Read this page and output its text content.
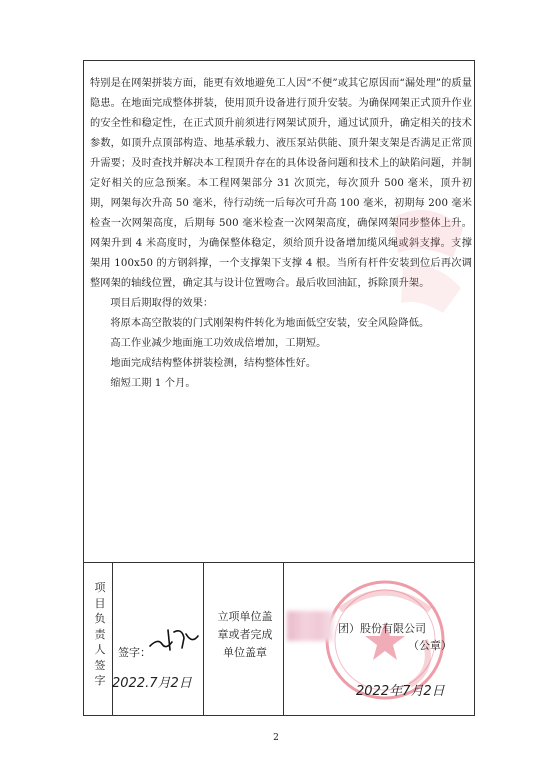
特别是在网架拼装方面，能更有效地避免工人因“不便”或其它原因而“漏处理”的质量隐患。在地面完成整体拼装，使用顶升设备进行顶升安装。为确保网架正式顶升作业的安全性和稳定性，在正式顶升前须进行网架试顶升，通过试顶升，确定相关的技术参数，如顶升点顶部构造、地基承载力、液压泵站供能、顶升架支架是否满足正常顶升需要；及时查找并解决本工程顶升存在的具体设备问题和技术上的缺陷问题，并制定好相关的应急预案。本工程网架部分 31 次顶完，每次顶升 500 毫米，顶升初期，网架每次升高 50 毫米，待行动统一后每次可升高 100 毫米，初期每 200 毫米检查一次网架高度，后期每 500 毫米检查一次网架高度，确保网架同步整体上升。网架升到 4 米高度时，为确保整体稳定，须给顶升设备增加缆风绳或斜支撑。支撑架用 100x50 的方钢斜撑，一个支撑架下支撑 4 根。当所有杆件安装到位后再次调整网架的轴线位置，确定其与设计位置吻合。最后收回油缸，拆除顶升架。

项目后期取得的效果：

将原本高空散装的门式刚架构件转化为地面低空安装，安全风险降低。

高工作业减少地面施工功效成倍增加，工期短。

地面完成结构整体拼装检测，结构整体性好。

缩短工期 1 个月。

项
目
负
责
人
签
字
签字：
2022.7月2日
立项单位盖
章或者完成
单位盖章
团）股份有限公司
（公章）
2022年7月2日
2
